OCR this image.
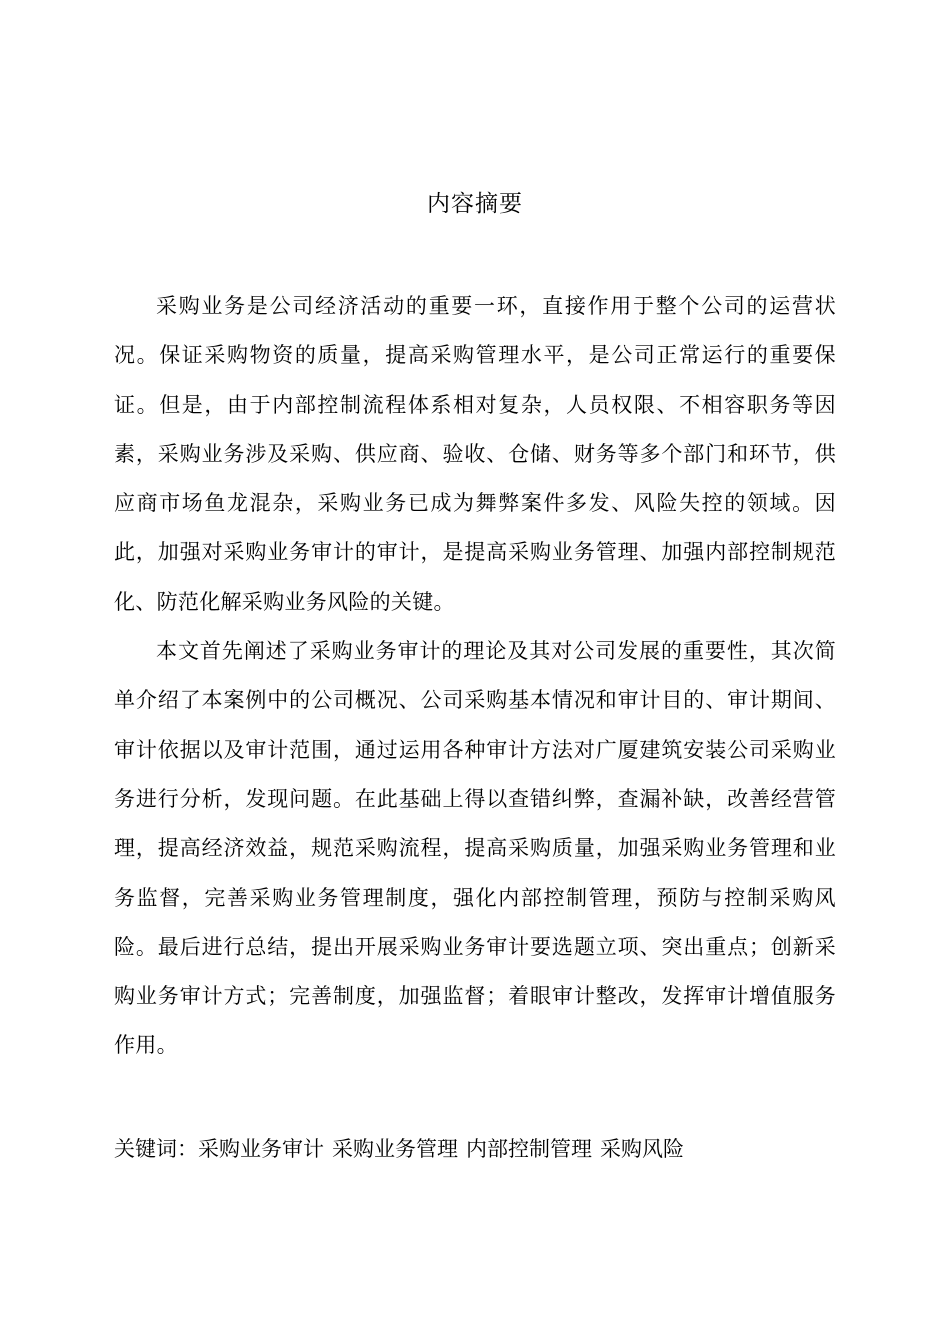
内容摘要

采购业务是公司经济活动的重要一环，直接作用于整个公司的运营状况。保证采购物资的质量，提高采购管理水平，是公司正常运行的重要保证。但是，由于内部控制流程体系相对复杂，人员权限、不相容职务等因素，采购业务涉及采购、供应商、验收、仓储、财务等多个部门和环节，供应商市场鱼龙混杂，采购业务已成为舞弊案件多发、风险失控的领域。因此，加强对采购业务审计的审计，是提高采购业务管理、加强内部控制规范化、防范化解采购业务风险的关键。

本文首先阐述了采购业务审计的理论及其对公司发展的重要性，其次简单介绍了本案例中的公司概况、公司采购基本情况和审计目的、审计期间、审计依据以及审计范围，通过运用各种审计方法对广厦建筑安装公司采购业务进行分析，发现问题。在此基础上得以查错纠弊，查漏补缺，改善经营管理，提高经济效益，规范采购流程，提高采购质量，加强采购业务管理和业务监督，完善采购业务管理制度，强化内部控制管理，预防与控制采购风险。最后进行总结，提出开展采购业务审计要选题立项、突出重点；创新采购业务审计方式；完善制度，加强监督；着眼审计整改，发挥审计增值服务作用。

关键词：采购业务审计 采购业务管理 内部控制管理 采购风险
